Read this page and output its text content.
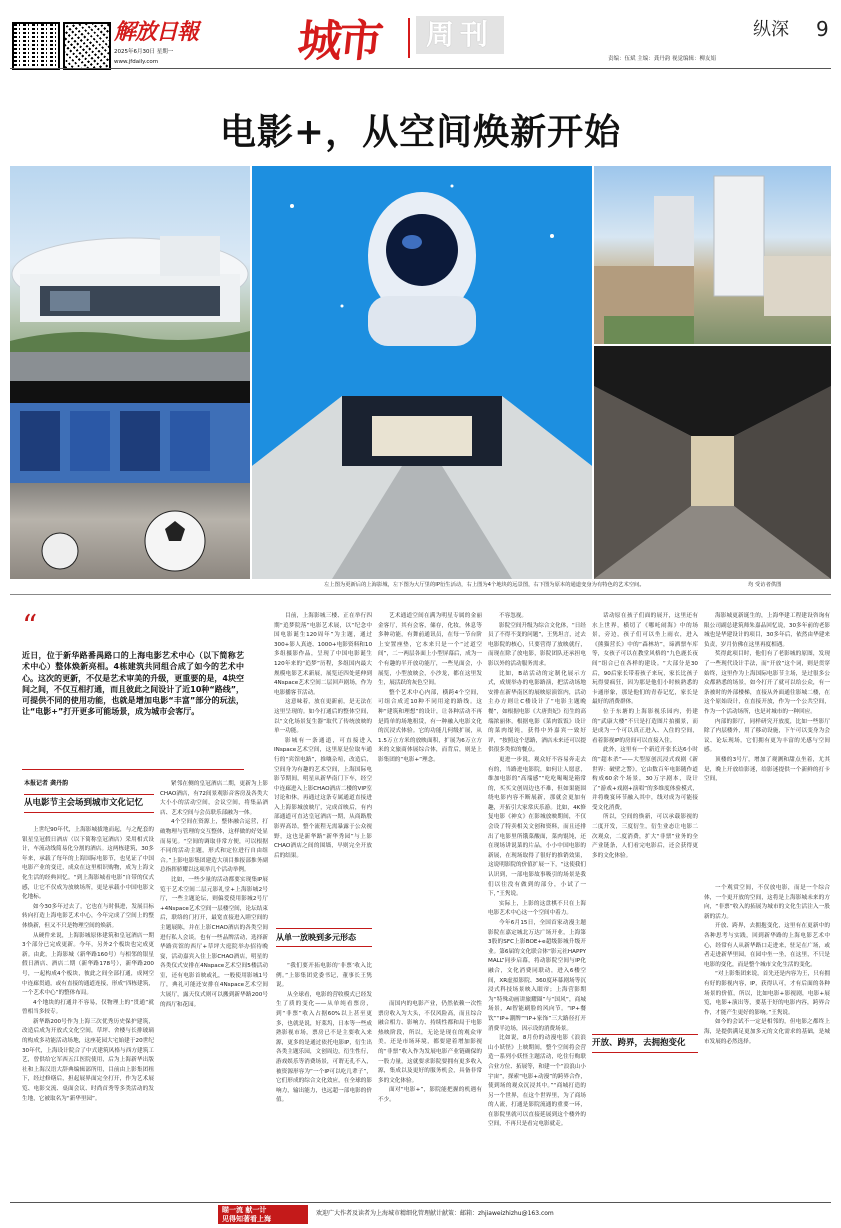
解放日報
2025年6月30日 星期一
www.jfdaily.com	城市	周刊	纵深 9
责编：伍斌 主编：龚丹韵 视觉编辑：柳友娟
电影+，从空间焕新开始
左上图为更新后的上海影城，左下图为大厅里的IP衍生活动，右上图为4个地块的远景图，右下图为原本的通道变身为有特色的艺术空间。	均 受访者供图
“
近日，位于新华路番禺路口的上海电影艺术中心（以下简称艺术中心）整体焕新亮相。4栋建筑共同组合成了如今的艺术中心。这次的更新，不仅是艺术审美的升级，更重要的是，4块空间之间，不仅互相打通，而且彼此之间设计了近10种“路线”，可提供不同的使用功能，也就是增加电影“丰富”部分的玩法，让“电影+”打开更多可能场景，成为城市会客厅。
本报记者 龚丹韵
从电影节主会场到城市文化记忆

上世纪90年代，上海影城拔地而起，与之配套的银星皇冠假日酒店（以下简称皇冠酒店）采用相式设计，车流动线简易化分割的酒店。这两栋建筑，30多年来，承载了每年的上海国际电影节，也见证了中国电影产业的变迁，成众在这里相识购物，成为上海文化生活的经典回忆。“到上海影城看电影”自带的仪式感，让它不仅成为放映场所，更是承载小中国电影文化地标。

如今30多年过去了，它也在与时俱进，发展目标转向打造上海电影艺术中心，今年完成了空间上的整体焕新，但又不只是物理空间的焕新。

从硬件来说，上海影城原体建筑和皇冠酒店一期3个部分已完成更新。今年，另外2个板块也完成更新。由此，上海影城（新华路160号）与相邻的银星假日酒店、酒店二期（新华路178号），新华路200号，一起构成4个板块，彼此之间全部打通，成网空中连廊贯通，或有直接的通道连接，形成“四栋建筑，一个艺术中心”的整体布局。

4个地块的打通并不容易，仅物理上的“贯通”就曾相当多较专。

新华路200号作为上海三次优秀历史保护建筑，改造后成为开放式文化空间，草坪、舍楼与长排玻璃的构成多功能活动场地，这座花园大宅始建于20世纪30年代，上海设计院合了中式建筑风格与西方建筑工艺，曾供给它军西五江医院使用，后为上海新华出版社和上海汉语大辞典编辑部所用，目前由上影集团租下，经过修缮后，担起展界面完全打开，作为艺术展览、电影交流、桌面会议、时尚首秀等多类活动的发生地，它被取名为“新华里园”。

紧邻在侧的皇冠酒店二期，更新为上影CHAO酒店，有72间景观影音客房及各类大大小小的活动空间，会议空间，将集品酒店、艺术空间与会员联乐部融为一体。

4个空间在资源上，整体融合运营，打破物理与管理的交互整体，这样做的好处显而易见。“空间的调取非常方便，可以根据不同的活动主题，形式和定位进行自由组合。”上影电影集团建造大项目推报部推务副总指挥骄耀以这项举几个活动举例。

比如，一些少量的活动都要实现集IP展览于艺术空间二层元影礼堂+上海影城2号厅，一些主题论坛，则偏爱使用影城2号厅+4Nspace艺术空间一层楼空间，论坛结束后，联络的门打开，最宽直接进入睦空间的主题展陈，并在上影CHAO酒店的各类空间进行私人会谈。也有一些品牌活动，选择新华路宾馆的西厅+草坪大庭院举办招待晚宴，活动嘉宾入住上影CHAO酒店，明星的各类仪式安排在4Nspace艺术空间5楼活动室，还有电影首映或礼，一般使用影城1号厅，典礼可能还安排在4Nspace艺术空间大展厅，露天仪式则可以搬到新华路200号的西厅和花园。

目前，上海影城三楼、正在举行四期“追梦院落”电影艺术展，以“纪念中国电影诞生120周年”为主题，通过300+影人真迹、1000+电影资料和10多组摄影作品，呈现了中国电影诞生120年来的“追梦”历程，多组国内最大规模电影艺术新展，展览还四处延伸到4Nspace艺术空间二层回声剧场，作为电影播客节活动。

这意味着，放在更新前，是无法在这里呈现的。如今打通后的整体空间，以“文化场景复生器”取代了传统放映的单一功能。

影城有一条通道，可直接进入INspace艺术空间，这里原是位取车通行的“宾馆电路”，推嚷杂喧，改造后，空间身为有趣的艺术空间，上海国际电影节期间，明星从新华南门下车，经空中连廊进入上影CHAO酒店二楼的VIP室讨论和休，再通过这条专属通道直接进入上海影城放映厅，完成首映后，有内部通道可直达皇冠酒店一期，从商路殷影界高昂，整个流程无需暴露于公众视野，这也是新华路“新华秀园”与上影CHAO酒店之间的围墙，早则完全开放后的结果。

艺术通道空间在满为明星专属的金丽金客厅，其有会客，储存，化妆，休息等多种功能，有舞前通讯员，在每一节台阶上安置座垫，它本来只是一个“过道空间”，二一两层各面上小型屏幕后，成为一个有趣的半开放功能厅，一些见面会，小展览，小型放映会，小沙龙，都在这里发生，展活跃的灰色空间。

整个艺术中心内部，横跨4个空间，可组合成近10种不同用途的路线。这种“建筑和理想”的设计，让各种活动不再是简单的场地租赁，有一种融入电影文化的沉浸式体验。它的功能几何级扩展，从1.5万立方米的放映面积，扩展为6万立方米的文旅商体展综合体，而背后，则是上影集团的“电影+”理念。

从单一放映到多元形态

“我们要开拓电影的‘非票’收入比例。”上影集团党委书记，董事长王隽说。

从全球看，电影的营收模式已经发生了质的变化——从单纯看票房，到“非票”收入占据60%以上甚至更多，也就是说，好莱坞，日本等一些成熟影视市场，票房已不是主要收入来源，更多的是通过依托电影IP，衍生出各类主题乐园，文创周边，衍生性行，游戏娱乐等消费场景，可谓无孔不入，被资源形容为“一个IP可以吃几辈子”，它们形成的综合文化效应，在全球的影响力，输出能力，也远超一部电影的价值。

而国内的电影产业，仍然依赖一次性票房收入为大头，不仅风险高，而且综合融合相力、影响力、持续性都和局于电影热映阶段，所以，无论是现在的观众审美，还是市场环境，都要建着增加影视的“非票”收入作为发展电影产业链确保的一股力量，这就要求影院要拥有更多收入源，集成以及更好的服务机会，具备非常多的文化体验。

面对“电影+”，影院能把握的机遇有不少。

不容忽视。

影院空间升级为综合文化体，“日经员了不得不变的问题”，王隽坦言，过去电影院的核心，只要营得了放映就行，而现在除了放电影，影院团队还承担电影以外的活动服务需求。

比如，B站活动的定制化展示方式，成规举办的电影路演，把活动场地安排在新华南区的展映原演馆内，活动主办方则让C楼设计了“电影主题晚餐”，如根据电影《大唐贵妃》衍生的高端浓丽体，根据电影《菜肉饭饭》设计的菜肉馄饨，获得中外嘉宾一致好评，“按照这个思路，酒店未来还可以提供很多类似的餐点。

更进一步说，观众好不容易奔走去有的，当路进电影院，如何让人愿意，维加电影的“高端感”“吃吃喝喝是箱常的，买买文创周边也不难，但如果能围绕电影内容不断展新，那就会更加有趣，开拓引大家常庆乐游。比如，4K修复电影《神女》在影城放映期间，不仅会设了特卖相关文创和资料，而且还排出了电影里所饿菜酸面，菜肉馄饨，还在现场讲说菜的片品，小小中国电影的新展，在现场取得了很好的推销效果，这说明影院的价值扩展一下，“这使我们认识到，一部电影故事吸引的场景是我们以往没有做到的部分，小试了一下，”王隽说。

实际上，上影的这盘棋不只在上海电影艺术中心这一个空间中着力。

今年6月15日，全国首家动漫主题影院在嘉定城北万达广场开业，上海第3股的SFC上影BOE+e超级影城升级开业。第6届的文化联合体“影元社HAPPY MALL”同步启幕，将动影院空间与IP化融合，文化消费同联动，进入6楼空间，XR虚拟影院、360度环幕剧场等沉浸式科技场景映入眼帘；上海营影期为“特殊动画讲旅耀圈”与“国风”，商城场景，AI智能刷脸的风向节。“IP+餐饮”“IP+潮牌”“IP+家饰”三大路径打开消费半边场，因示设的消费场景。

比如说，8月份的动漫电影《浪浪山小妖怪》上映期间，整个空间将会营造一系列小妖怪主题活动，吃住行购联合业方位、拓展等，和建一个“浪浪山小宇宙”，探索“电影+动漫”的跨界合作，使到场的观众沉浸其中。”“商城打造的另一个世界，在这个世界里，为了商场的人流，打通是影院流通的重要一环，在影院里就可以直接延展到这个楼外的空间，不再只是看完电影就走。

话动原在孩子们面的展开，这里还有水上世界，横切了《哪吒闹海》中的场景，旁边，孩子们可以坐上雨衣，进入《熊猫营长》中的“森林坊”，谛洒票车库等，女孩子可以在教堂风格的“九色鹿长夜间”组合已在各样的建设。“大部分是30后，90后家长带着孩子来玩，家长比孩子玩得要疯狂，因为那是他们小时候熟悉的卡通形象，那是他们的青春记忆，家长是最好的消费群体。

位于东塘的上海影视乐园内，仍建的“武康大楼”不只是打造图片拍摄景，而是成为一个可以真正进入、入住的空间，看着影视IP的房间可以直接入住。

此外，这里有一个新近开张长达6小时的“超本杀”——大型原创沉浸式戏剧《新世界：破壁之警》，它由数百年电影随作道构成60余个场景，30万字剧本，设计了“游戏+戏剧+演唱”的多维度体验模式，并将晚宴环节融入其中，线对成为可能接受文化消费，

所以，空间的焕新，可以承载影视的二度开发，三度衍生，衍生业态让电影二次观众，二度消费，扩大“非票”业务的全产业链条，人们看完电影后，还会获得更多的文化体验。

海影城更新诞生的，上海华建工程建设咨询有限公司副总建筑师朱嘉品回忆说，30多年前的老影城也是华建设计的项目，30多年后，依然由华建来负责，岁月仿佛在这里再度相遇。

奖得此项目时，他们有了老影城的原图，发现了一些现代设计手法，而“开放”这个词，则是贯穿始终，这里作为上海国际电影节主场，是过很多公众都熟悉的场景，如今打开了就可以给公众，有一条被时的外部楼梯，直接从外面通往影城二楼，在这个原始设计，在直接开放，作为一个公共空间，作为一个活动场所，也是对城市的一种回应。

内部的影厅，同样研究开放度，比如一些影厅除了内层楼外，用了移动设施，下午可以变身为会议、论坛现场，它们拥有更为丰富的光感与空间感。

顶楼的3号厅，增加了观测和甜点坐着，尤其是，晚上开放给影迷，给影迷提供一个新鲜的打卡空间，

开放、跨界，去拥抱变化

一个观赏空间，不仅放电影，而是一个综合体，一个更开放的空间，这将是上海影城未来的方向，“非票”收入的拓展为城市的文化生活注入一股新的活力。

开放、跨界，去拥抱变化，这里有在更新中的各种思考与实践，回到新华路的上海电影艺术中心，经常有人从新华路口走进来，驻足在广场，或者走进新华里园，在园中坐一坐，在这里，不只是电影的变化，而是整个城市文化生活的变化。

“对上影集团来说，首先还是内容为王，只有拥有好的影视内容，IP，获得认可，才有后面的各种场景的价值，所以，比如电影+影视剧，电影+展览，电影+演出等，要基于好的电影内容，跨界合作，才能产生更好的影响。”王隽说。

如今的会试不一定是相邻的，但电影之都终上海，是提供满足更加多元的文化需求的基础，是城市发展的必然选择。

瞄一流 献一计
见得知著看上海
欢迎广大作者及读者为上海城市精细化管理献计献策：邮箱：zhjiaweizhizhu@163.com
